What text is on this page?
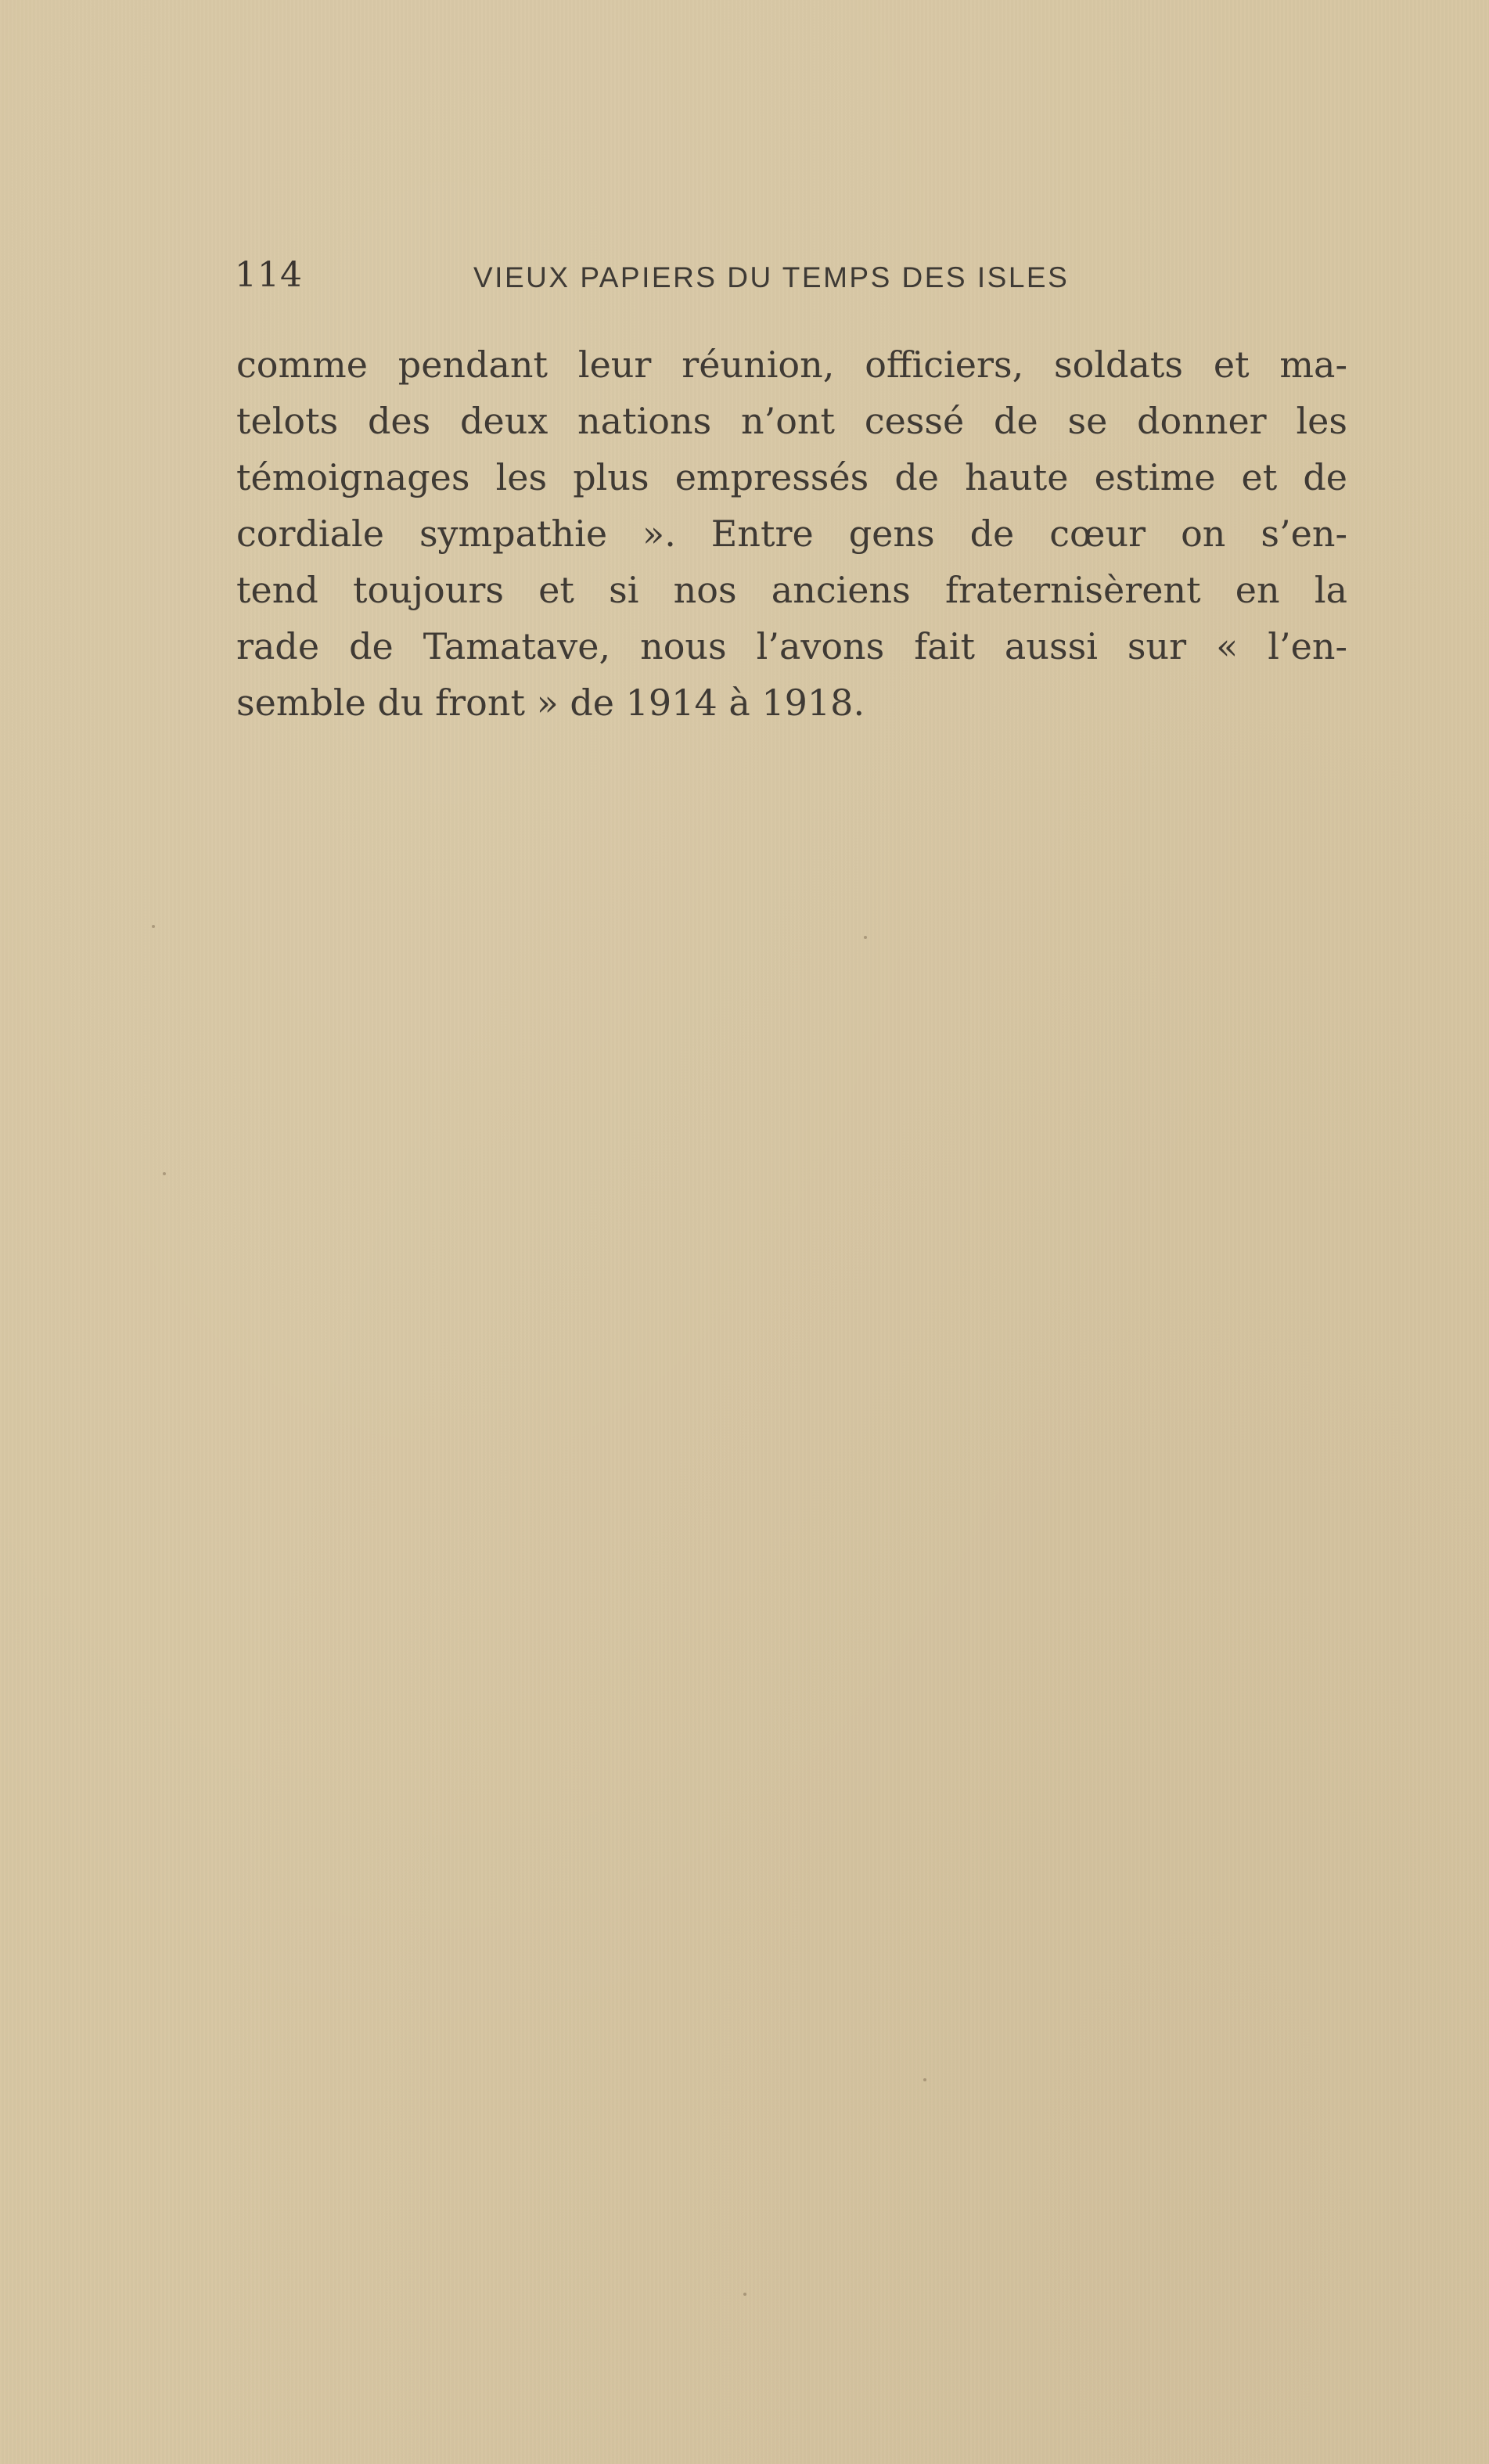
114	VIEUX PAPIERS DU TEMPS DES ISLES
comme pendant leur réunion, officiers, soldats et ma-
telots des deux nations n’ont cessé de se donner les
témoignages les plus empressés de haute estime et de
cordiale sympathie ». Entre gens de cœur on s’en-
tend toujours et si nos anciens fraternisèrent en la
rade de Tamatave, nous l’avons fait aussi sur « l’en-
semble du front » de 1914 à 1918.
